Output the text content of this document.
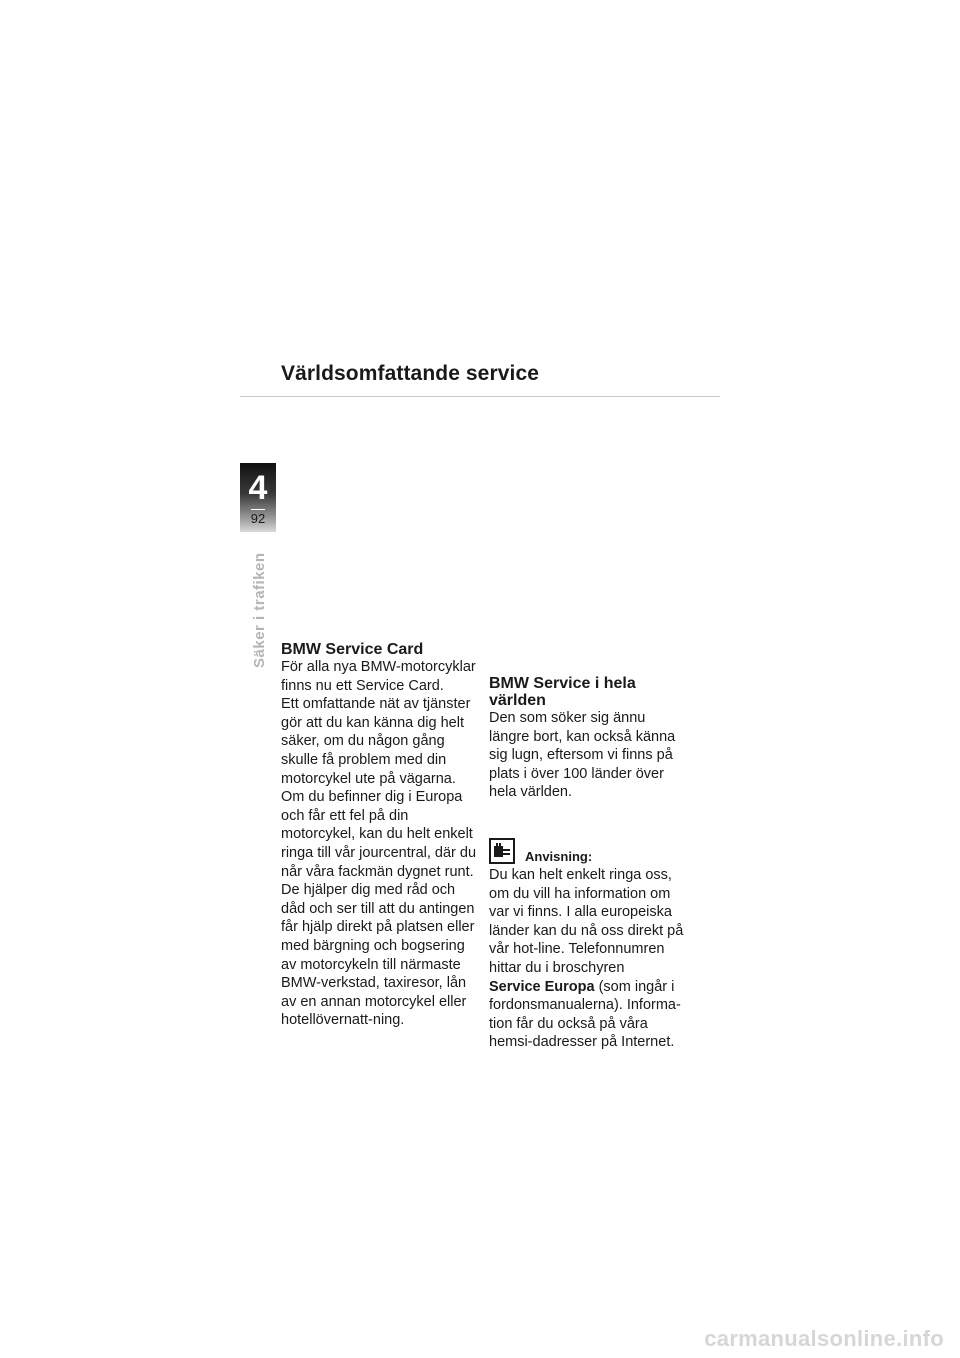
Världsomfattande service
4
92
Säker i trafiken BMW Service Card

För alla nya BMW-motorcyklar finns nu ett Service Card.

Ett omfattande nät av tjänster gör att du kan känna dig helt säker, om du någon gång skulle få problem med din motorcykel ute på vägarna.

Om du befinner dig i Europa och får ett fel på din motorcykel, kan du helt enkelt ringa till vår jourcentral, där du når våra fackmän dygnet runt. De hjälper dig med råd och dåd och ser till att du antingen får hjälp direkt på platsen eller med bärgning och bogsering av motorcykeln till närmaste BMW-verkstad, taxiresor, lån av en annan motorcykel eller hotellövernatt-ning.

BMW Service i hela världen

Den som söker sig ännu längre bort, kan också känna sig lugn, eftersom vi finns på plats i över 100 länder över hela världen.

Anvisning:

Du kan helt enkelt ringa oss, om du vill ha information om var vi finns. I alla europeiska länder kan du nå oss direkt på vår hot-line. Telefonnumren hittar du i broschyren
Service Europa (som ingår i fordonsmanualerna). Informa-tion får du också på våra hemsi-dadresser på Internet.

carmanualsonline.info
